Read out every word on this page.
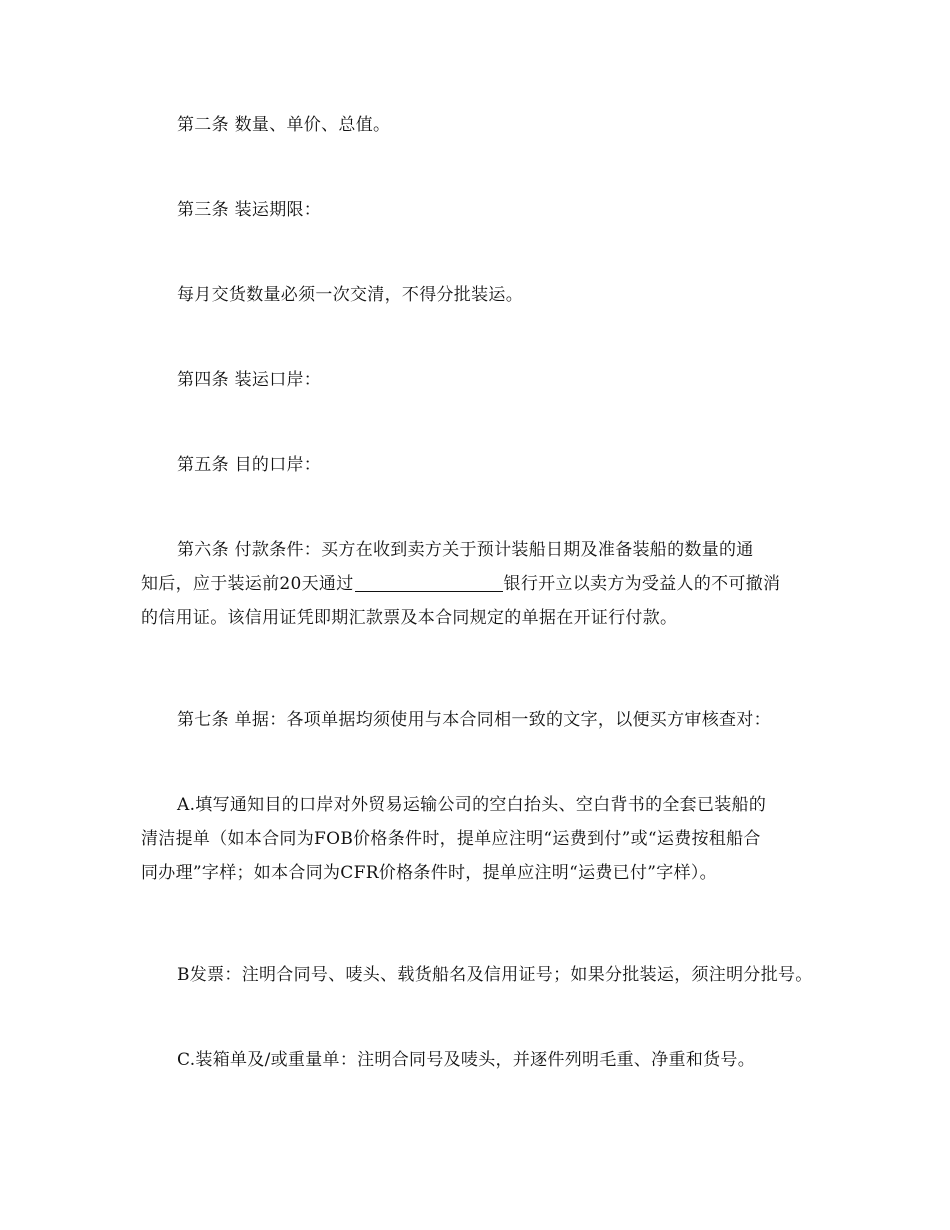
第二条 数量、单价、总值。

第三条 装运期限：

每月交货数量必须一次交清，不得分批装运。

第四条 装运口岸：

第五条 目的口岸：

第六条 付款条件：买方在收到卖方关于预计装船日期及准备装船的数量的通
知后，应于装运前20天通过	银行开立以卖方为受益人的不可撤消
的信用证。该信用证凭即期汇款票及本合同规定的单据在开证行付款。

第七条 单据：各项单据均须使用与本合同相一致的文字，以便买方审核查对：

A.填写通知目的口岸对外贸易运输公司的空白抬头、空白背书的全套已装船的
清洁提单（如本合同为FOB价格条件时，提单应注明“运费到付”或“运费按租船合
同办理”字样；如本合同为CFR价格条件时，提单应注明“运费已付”字样）。

B发票：注明合同号、唛头、载货船名及信用证号；如果分批装运，须注明分批号。

C.装箱单及/或重量单：注明合同号及唛头，并逐件列明毛重、净重和货号。
